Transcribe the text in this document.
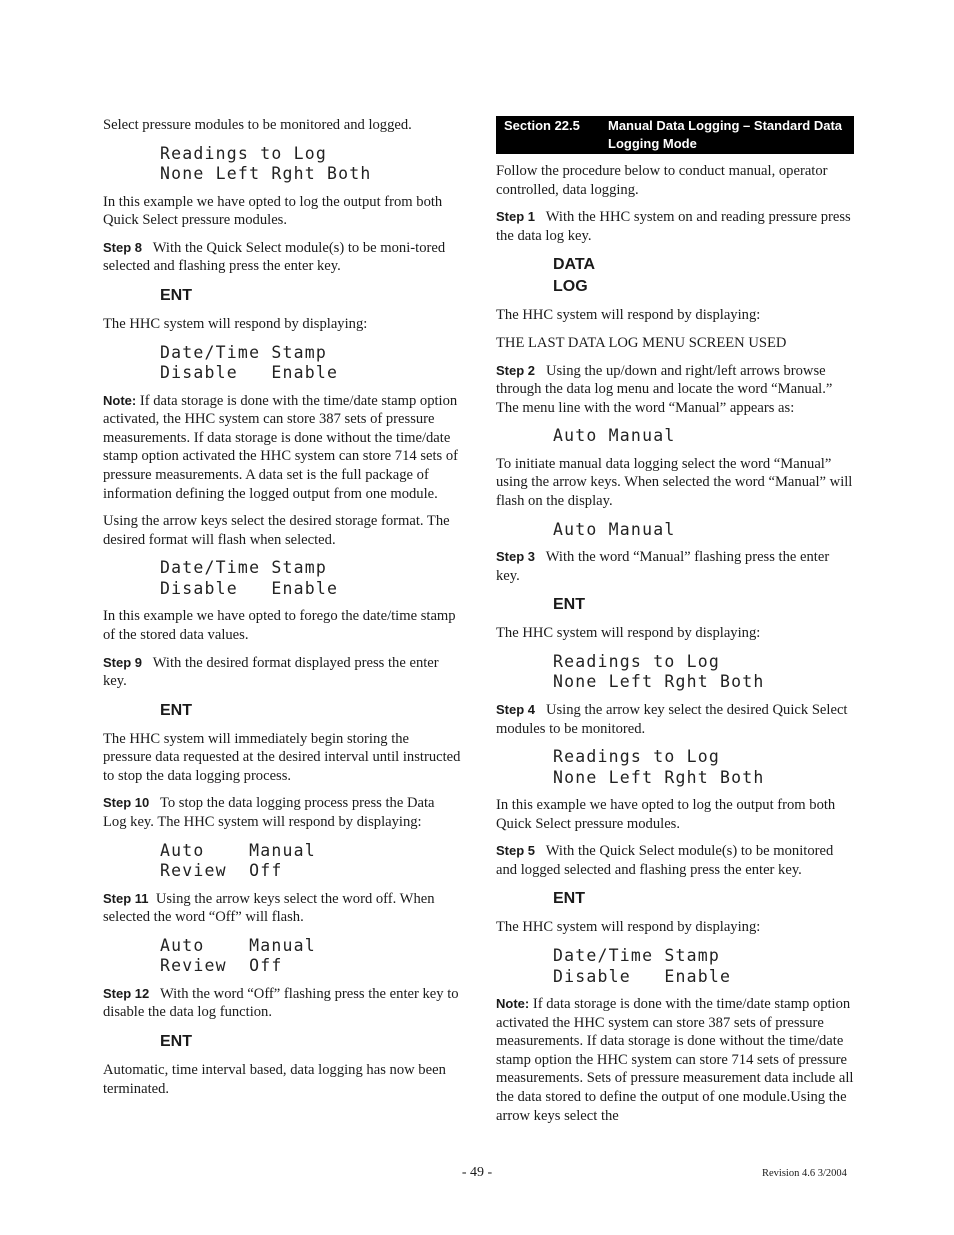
Select pressure modules to be monitored and logged.

Readings to Log
None Left Rght Both

In this example we have opted to log the output from both Quick Select pressure modules.

Step 8 With the Quick Select module(s) to be moni-tored selected and flashing press the enter key.

ENT

The HHC system will respond by displaying:

Date/Time Stamp
Disable   Enable

Note: If data storage is done with the time/date stamp option activated, the HHC system can store 387 sets of pressure measurements. If data storage is done without the time/date stamp option activated the HHC system can store 714 sets of pressure measurements. A data set is the full package of information defining the logged output from one module.

Using the arrow keys select the desired storage format. The desired format will flash when selected.

Date/Time Stamp
Disable   Enable

In this example we have opted to forego the date/time stamp of the stored data values.

Step 9 With the desired format displayed press the enter key.

ENT

The HHC system will immediately begin storing the pressure data requested at the desired interval until instructed to stop the data logging process.

Step 10 To stop the data logging process press the Data Log key. The HHC system will respond by displaying:

Auto    Manual
Review  Off

Step 11 Using the arrow keys select the word off. When selected the word “Off” will flash.

Auto    Manual
Review  Off

Step 12 With the word “Off” flashing press the enter key to disable the data log function.

ENT

Automatic, time interval based, data logging has now been terminated.

Section 22.5	Manual Data Logging – Standard Data Logging Mode

Follow the procedure below to conduct manual, operator controlled, data logging.

Step 1 With the HHC system on and reading pressure press the data log key.

DATA
LOG

The HHC system will respond by displaying:

THE LAST DATA LOG MENU SCREEN USED

Step 2 Using the up/down and right/left arrows browse through the data log menu and locate the word “Manual.” The menu line with the word “Manual” appears as:

Auto Manual

To initiate manual data logging select the word “Manual” using the arrow keys. When selected the word “Manual” will flash on the display.

Auto Manual

Step 3 With the word “Manual” flashing press the enter key.

ENT

The HHC system will respond by displaying:

Readings to Log
None Left Rght Both

Step 4 Using the arrow key select the desired Quick Select modules to be monitored.

Readings to Log
None Left Rght Both

In this example we have opted to log the output from both Quick Select pressure modules.

Step 5 With the Quick Select module(s) to be monitored and logged selected and flashing press the enter key.

ENT

The HHC system will respond by displaying:

Date/Time Stamp
Disable   Enable

Note: If data storage is done with the time/date stamp option activated the HHC system can store 387 sets of pressure measurements. If data storage is done without the time/date stamp option the HHC system can store 714 sets of pressure measurements. Sets of pressure measurement data include all the data stored to define the output of one module.Using the arrow keys select the

- 49 -	Revision 4.6 3/2004
